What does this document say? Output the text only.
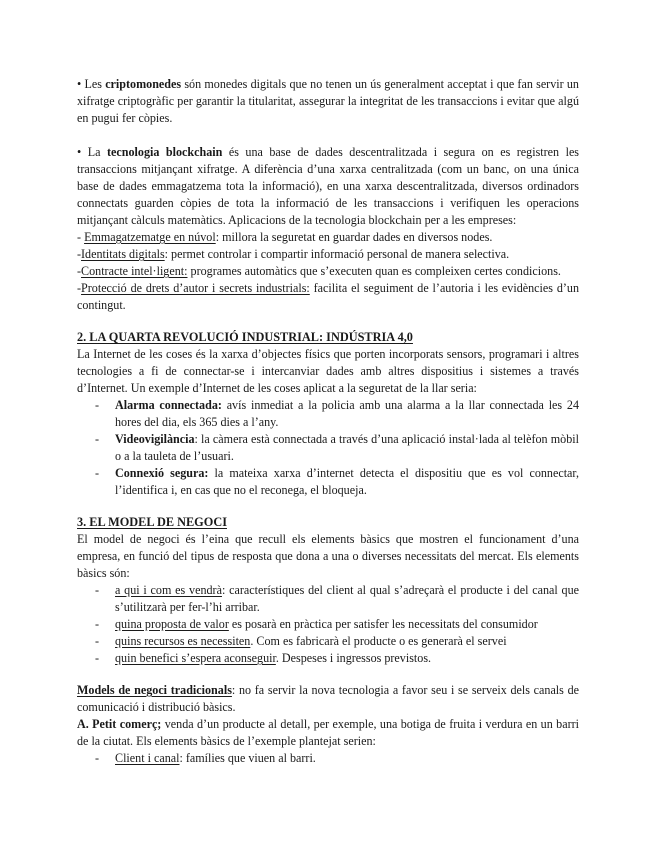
• Les criptomonedes són monedes digitals que no tenen un ús generalment acceptat i que fan servir un xifratge criptogràfic per garantir la titularitat, assegurar la integritat de les transaccions i evitar que algú en pugui fer còpies.

• La tecnologia blockchain és una base de dades descentralitzada i segura on es registren les transaccions mitjançant xifratge. A diferència d’una xarxa centralitzada (com un banc, on una única base de dades emmagatzema tota la informació), en una xarxa descentralitzada, diversos ordinadors connectats guarden còpies de tota la informació de les transaccions i verifiquen les operacions mitjançant càlculs matemàtics. Aplicacions de la tecnologia blockchain per a les empreses:

- Emmagatzematge en núvol: millora la seguretat en guardar dades en diversos nodes.

-Identitats digitals: permet controlar i compartir informació personal de manera selectiva.

-Contracte intel·ligent: programes automàtics que s’executen quan es compleixen certes condicions.

-Protecció de drets d’autor i secrets industrials: facilita el seguiment de l’autoria i les evidències d’un contingut.

2. LA QUARTA REVOLUCIÓ INDUSTRIAL: INDÚSTRIA 4,0

La Internet de les coses és la xarxa d’objectes físics que porten incorporats sensors, programari i altres tecnologies a fi de connectar-se i intercanviar dades amb altres dispositius i sistemes a través d’Internet. Un exemple d’Internet de les coses aplicat a la seguretat de la llar seria:

- Alarma connectada: avís inmediat a la policia amb una alarma a la llar connectada les 24 hores del dia, els 365 dies a l’any.
- Videovigilància: la càmera està connectada a través d’una aplicació instal·lada al telèfon mòbil o a la tauleta de l’usuari.
- Connexió segura: la mateixa xarxa d’internet detecta el dispositiu que es vol connectar, l’identifica i, en cas que no el reconega, el bloqueja.
3. EL MODEL DE NEGOCI

El model de negoci és l’eina que recull els elements bàsics que mostren el funcionament d’una empresa, en funció del tipus de resposta que dona a una o diverses necessitats del mercat. Els elements bàsics són:

- a qui i com es vendrà: característiques del client al qual s’adreçarà el producte i del canal que s’utilitzarà per fer-l’hi arribar.
- quina proposta de valor es posarà en pràctica per satisfer les necessitats del consumidor
- quins recursos es necessiten. Com es fabricarà el producte o es generarà el servei
- quin benefici s’espera aconseguir. Despeses i ingressos previstos.

Models de negoci tradicionals: no fa servir la nova tecnologia a favor seu i se serveix dels canals de comunicació i distribució bàsics.

A. Petit comerç; venda d’un producte al detall, per exemple, una botiga de fruita i verdura en un barri de la ciutat. Els elements bàsics de l’exemple plantejat serien:

- Client i canal: famílies que viuen al barri.
